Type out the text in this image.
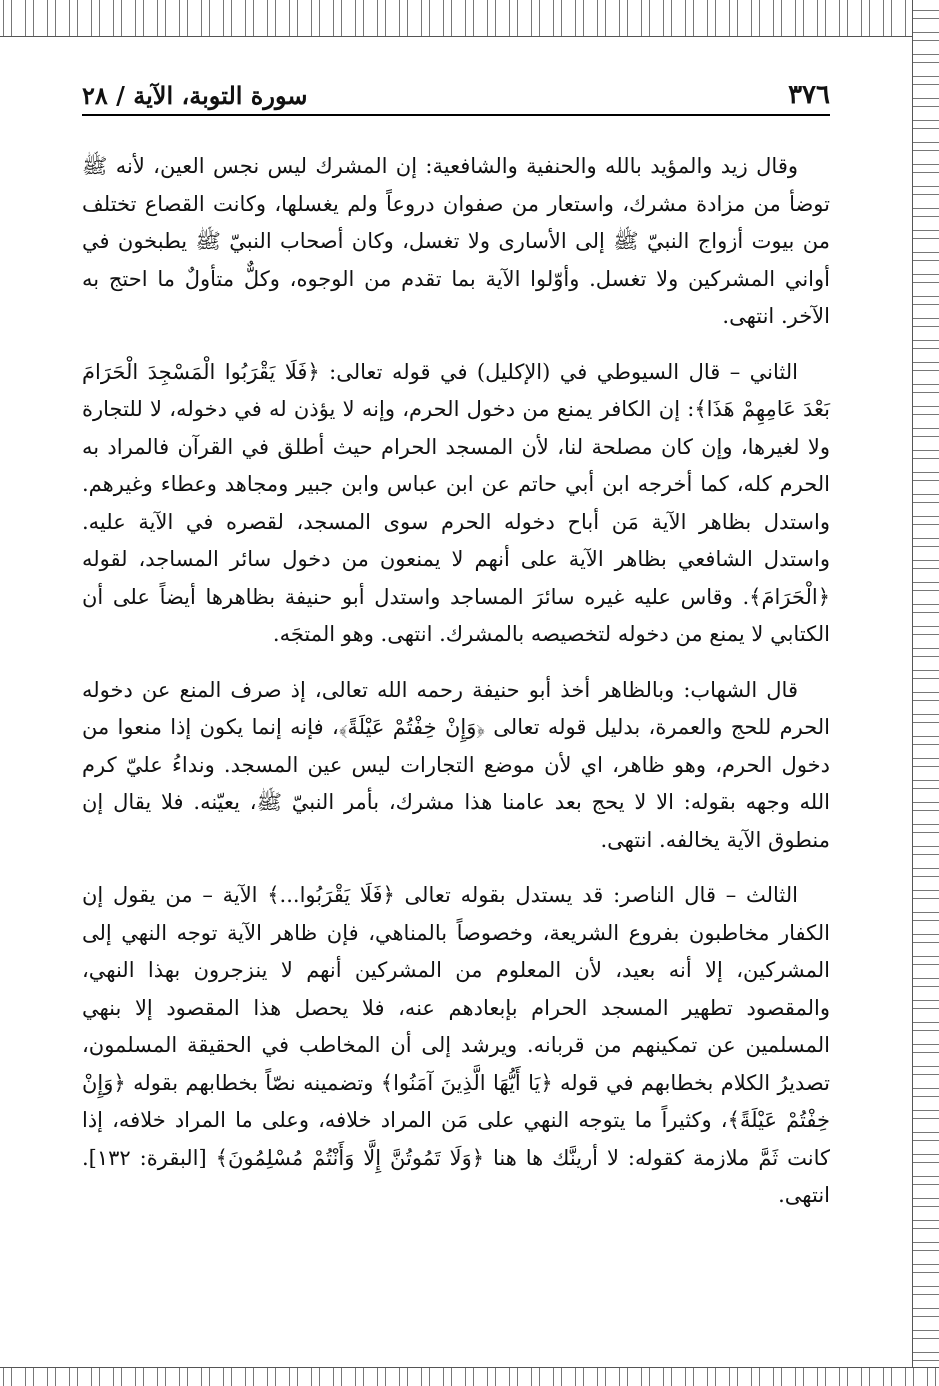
٣٧٦
سورة التوبة، الآية / ٢٨

وقال زيد والمؤيد بالله والحنفية والشافعية: إن المشرك ليس نجس العين، لأنه ﷺ توضأ من مزادة مشرك، واستعار من صفوان دروعاً ولم يغسلها، وكانت القصاع تختلف من بيوت أزواج النبيّ ﷺ إلى الأسارى ولا تغسل، وكان أصحاب النبيّ ﷺ يطبخون في أواني المشركين ولا تغسل. وأوّلوا الآية بما تقدم من الوجوه، وكلٌّ متأولٌ ما احتج به الآخر. انتهى.

الثاني – قال السيوطي في (الإكليل) في قوله تعالى: ﴿فَلَا يَقْرَبُوا الْمَسْجِدَ الْحَرَامَ بَعْدَ عَامِهِمْ هَذَا﴾: إن الكافر يمنع من دخول الحرم، وإنه لا يؤذن له في دخوله، لا للتجارة ولا لغيرها، وإن كان مصلحة لنا، لأن المسجد الحرام حيث أطلق في القرآن فالمراد به الحرم كله، كما أخرجه ابن أبي حاتم عن ابن عباس وابن جبير ومجاهد وعطاء وغيرهم. واستدل بظاهر الآية مَن أباح دخوله الحرم سوى المسجد، لقصره في الآية عليه. واستدل الشافعي بظاهر الآية على أنهم لا يمنعون من دخول سائر المساجد، لقوله ﴿الْحَرَامَ﴾. وقاس عليه غيره سائرَ المساجد واستدل أبو حنيفة بظاهرها أيضاً على أن الكتابي لا يمنع من دخوله لتخصيصه بالمشرك. انتهى. وهو المتجَه.

قال الشهاب: وبالظاهر أخذ أبو حنيفة رحمه الله تعالى، إذ صرف المنع عن دخوله الحرم للحج والعمرة، بدليل قوله تعالى ﴿وَإِنْ خِفْتُمْ عَيْلَةً﴾، فإنه إنما يكون إذا منعوا من دخول الحرم، وهو ظاهر، اي لأن موضع التجارات ليس عين المسجد. ونداءُ عليّ كرم الله وجهه بقوله: الا لا يحج بعد عامنا هذا مشرك، بأمر النبيّ ﷺ، يعيّنه. فلا يقال إن منطوق الآية يخالفه. انتهى.

الثالث – قال الناصر: قد يستدل بقوله تعالى ﴿فَلَا يَقْرَبُوا...﴾ الآية – من يقول إن الكفار مخاطبون بفروع الشريعة، وخصوصاً بالمناهي، فإن ظاهر الآية توجه النهي إلى المشركين، إلا أنه بعيد، لأن المعلوم من المشركين أنهم لا ينزجرون بهذا النهي، والمقصود تطهير المسجد الحرام بإبعادهم عنه، فلا يحصل هذا المقصود إلا بنهي المسلمين عن تمكينهم من قربانه. ويرشد إلى أن المخاطب في الحقيقة المسلمون، تصديرُ الكلام بخطابهم في قوله ﴿يَا أَيُّهَا الَّذِينَ آمَنُوا﴾ وتضمينه نصّاً بخطابهم بقوله ﴿وَإِنْ خِفْتُمْ عَيْلَةً﴾، وكثيراً ما يتوجه النهي على مَن المراد خلافه، وعلى ما المراد خلافه، إذا كانت ثَمَّ ملازمة كقوله: لا أرينَّك ها هنا ﴿وَلَا تَمُوتُنَّ إِلَّا وَأَنْتُمْ مُسْلِمُونَ﴾ [البقرة: ١٣٢]. انتهى.
